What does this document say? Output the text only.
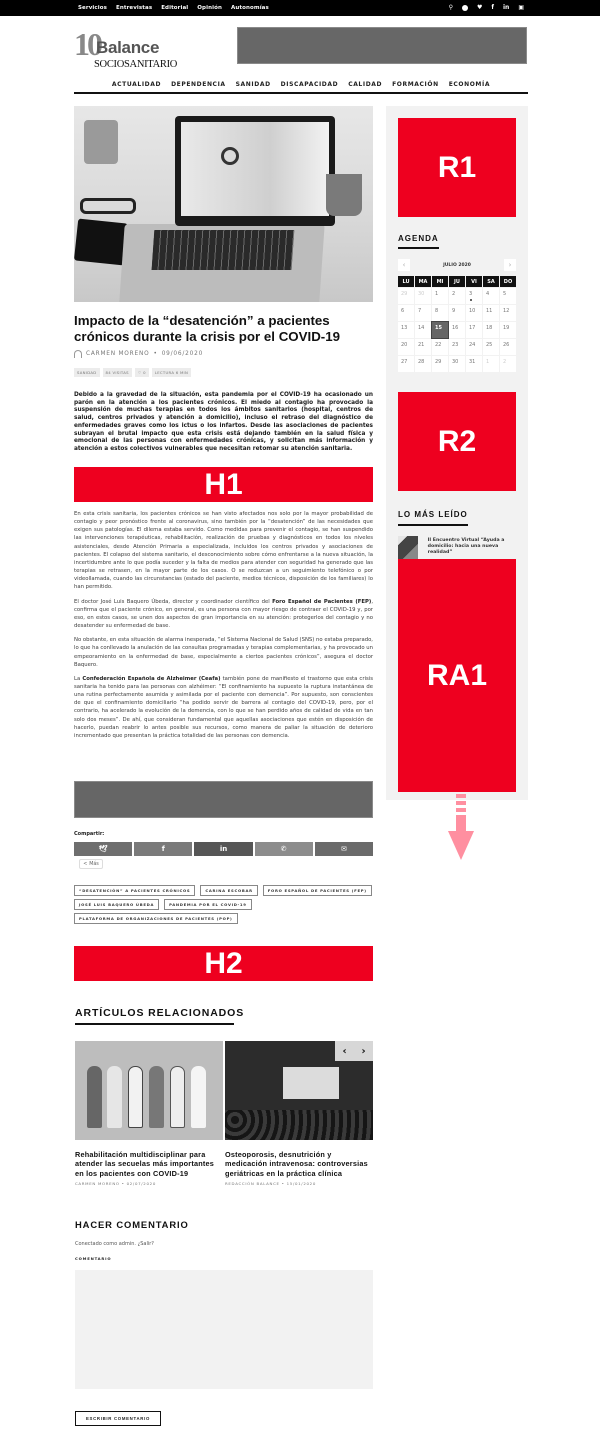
Servicios Entrevistas Editorial Opinión Autonomías	⚲	♥ f in ▣
10
Balance
SOCIOSANITARIO
ACTUALIDAD DEPENDENCIA SANIDAD DISCAPACIDAD CALIDAD FORMACIÓN ECONOMÍA
Impacto de la “desatención” a pacientes crónicos durante la crisis por el COVID-19
CARMEN MORENO • 09/06/2020
SANIDAD	84 VISITAS	♡ 0	LECTURA 6 MIN

Debido a la gravedad de la situación, esta pandemia por el COVID-19 ha ocasionado un parón en la atención a los pacientes crónicos. El miedo al contagio ha provocado la suspensión de muchas terapias en todos los ámbitos sanitarios (hospital, centros de salud, centros privados y atención a domicilio), incluso el retraso del diagnóstico de enfermedades graves como los ictus o los infartos. Desde las asociaciones de pacientes subrayan el brutal impacto que esta crisis está dejando también en la salud física y emocional de las personas con enfermedades crónicas, y solicitan más información y atención a estos colectivos vulnerables que necesitan retomar su atención sanitaria.

H1

En esta crisis sanitaria, los pacientes crónicos se han visto afectados nos solo por la mayor probabilidad de contagio y peor pronóstico frente al coronavirus, sino también por la “desatención” de las necesidades que exigen sus patologías. El dilema estaba servido. Como medidas para prevenir el contagio, se han suspendido las intervenciones terapéuticas, rehabilitación, realización de pruebas y diagnósticos en todos los niveles asistenciales, desde Atención Primaria a especializada, incluidos los centros privados y asociaciones de pacientes. El colapso del sistema sanitario, el desconocimiento sobre cómo enfrentarse a la nueva situación, la incertidumbre ante lo que podía suceder y la falta de medios para atender con seguridad ha generado que las terapias se retrasen, en la mayor parte de los casos. O se reduzcan a un seguimiento telefónico o por videollamada, cuando las circunstancias (estado del paciente, medios técnicos, disposición de los familiares) lo han permitido.

El doctor José Luis Baquero Úbeda, director y coordinador científico del Foro Español de Pacientes (FEP), confirma que el paciente crónico, en general, es una persona con mayor riesgo de contraer el COVID-19 y, por eso, en estos casos, se unen dos aspectos de gran importancia en su atención: protegerlos del contagio y no desatender su enfermedad de base.

No obstante, en esta situación de alarma inesperada, “el Sistema Nacional de Salud (SNS) no estaba preparado, lo que ha conllevado la anulación de las consultas programadas y terapias complementarias, y ha provocado un empeoramiento en la enfermedad de base, especialmente a ciertos pacientes crónicos”, asegura el doctor Baquero.

La Confederación Española de Alzheimer (Ceafa) también pone de manifiesto el trastorno que esta crisis sanitaria ha tenido para las personas con alzhéimer: “El confinamiento ha supuesto la ruptura instantánea de una rutina perfectamente asumida y asimilada por el paciente con demencia”. Por supuesto, son conscientes de que el confinamiento domiciliario “ha podido servir de barrera al contagio del COVID-19, pero, por el contrario, ha acelerado la evolución de la demencia, con lo que se han perdido años de calidad de vida en tan solo dos meses”. De ahí, que consideran fundamental que aquellas asociaciones que estén en disposición de hacerlo, puedan reabrir lo antes posible sus recursos, como manera de paliar la situación de deterioro incrementado que presentan la práctica totalidad de las personas con demencia.

Compartir:
🕊	f	in	✆	✉
< Más
“DESATENCIÓN” A PACIENTES CRÓNICOS	CARINA ESCOBAR	FORO ESPAÑOL DE PACIENTES (FEP)
JOSÉ LUIS BAQUERO ÚBEDA	PANDEMIA POR EL COVID-19
PLATAFORMA DE ORGANIZACIONES DE PACIENTES (POP)
H2
ARTÍCULOS RELACIONADOS
Rehabilitación multidisciplinar para atender las secuelas más importantes en los pacientes con COVID-19
CARMEN MORENO • 02/07/2020
‹ ›
Osteoporosis, desnutrición y medicación intravenosa: controversias geriátricas en la práctica clínica
REDACCIÓN BALANCE • 15/01/2020
HACER COMENTARIO
Conectado como admin. ¿Salir?
COMENTARIO
ESCRIBIR COMENTARIO
R1
AGENDA
‹	JULIO 2020	›
LU	MA	MI	JU	VI	SA	DO
29	30	1	2	3	4	5
6	7	8	9	10	11	12
13	14	15	16	17	18	19
20	21	22	23	24	25	26
27	28	29	30	31	1	2
R2
LO MÁS LEÍDO
II Encuentro Virtual “Ayuda a domicilio: hacia una nueva realidad”
RA1
